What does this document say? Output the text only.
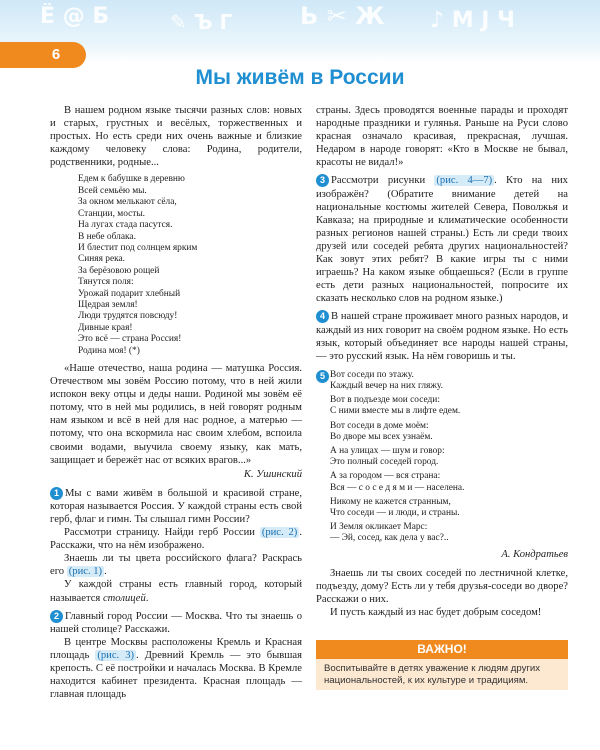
Ё @ Б	✎ Ъ Г	Ь ✂ Ж ♪ М J Ч
6
Мы живём в России

В нашем родном языке тысячи разных слов: новых и старых, грустных и весёлых, торжественных и простых. Но есть среди них очень важные и близкие каждому человеку слова: Родина, родители, родственники, родные...

Едем к бабушке в деревню
Всей семьёю мы.
За окном мелькают сёла,
Станции, мосты.
На лугах стада пасутся.
В небе облака.
И блестит под солнцем ярким
Синяя река.
За берёзовою рощей
Тянутся поля:
Урожай подарит хлебный
Щедрая земля!
Люди трудятся повсюду!
Дивные края!
Это всё — страна Россия!
Родина моя! (*)

«Наше отечество, наша родина — матушка Россия. Отечеством мы зовём Россию потому, что в ней жили испокон веку отцы и деды наши. Родиной мы зовём её потому, что в ней мы родились, в ней говорят родным нам языком и всё в ней для нас родное, а матерью — потому, что она вскормила нас своим хлебом, вспоила своими водами, выучила своему языку, как мать, защищает и бережёт нас от всяких врагов...»

К. Ушинский

1 Мы с вами живём в большой и красивой стране, которая называется Россия. У каждой страны есть свой герб, флаг и гимн. Ты слышал гимн России?

Рассмотри страницу. Найди герб России (рис. 2) . Расскажи, что на нём изображено.

Знаешь ли ты цвета российского флага? Раскрась его (рис. 1) .

У каждой страны есть главный город, который называется столицей.

2 Главный город России — Москва. Что ты знаешь о нашей столице? Расскажи.

В центре Москвы расположены Кремль и Красная площадь (рис. 3) . Древний Кремль — это бывшая крепость. С её постройки и началась Москва. В Кремле находится кабинет президента. Красная площадь — главная площадь

страны. Здесь проводятся военные парады и проходят народные праздники и гулянья. Раньше на Руси слово красная означало красивая, прекрасная, лучшая. Недаром в народе говорят: «Кто в Москве не бывал, красоты не видал!»

3 Рассмотри рисунки (рис. 4—7) . Кто на них изображён? (Обратите внимание детей на национальные костюмы жителей Севера, Поволжья и Кавказа; на природные и климатические особенности разных регионов нашей страны.) Есть ли среди твоих друзей или соседей ребята других национальностей? Как зовут этих ребят? В какие игры ты с ними играешь? На каком языке общаешься? (Если в группе есть дети разных национальностей, попросите их сказать несколько слов на родном языке.)

4 В нашей стране проживает много разных народов, и каждый из них говорит на своём родном языке. Но есть язык, который объединяет все народы нашей страны, — это русский язык. На нём говоришь и ты.

5 Вот соседи по этажу.
Каждый вечер на них гляжу.
Вот в подъезде мои соседи:
С ними вместе мы в лифте едем.
Вот соседи в доме моём:
Во дворе мы всех узнаём.
А на улицах — шум и говор:
Это полный соседей город.
А за городом — вся страна:
Вся — с о с е д я м и — населена.
Никому не кажется странным,
Что соседи — и люди, и страны.
И Земля окликает Марс:
— Эй, сосед, как дела у вас?..
А. Кондратьев

Знаешь ли ты своих соседей по лестничной клетке, подъезду, дому? Есть ли у тебя друзья-соседи во дворе? Расскажи о них.

И пусть каждый из нас будет добрым соседом!

ВАЖНО!
Воспитывайте в детях уважение к людям других национальностей, к их культуре и традициям.
